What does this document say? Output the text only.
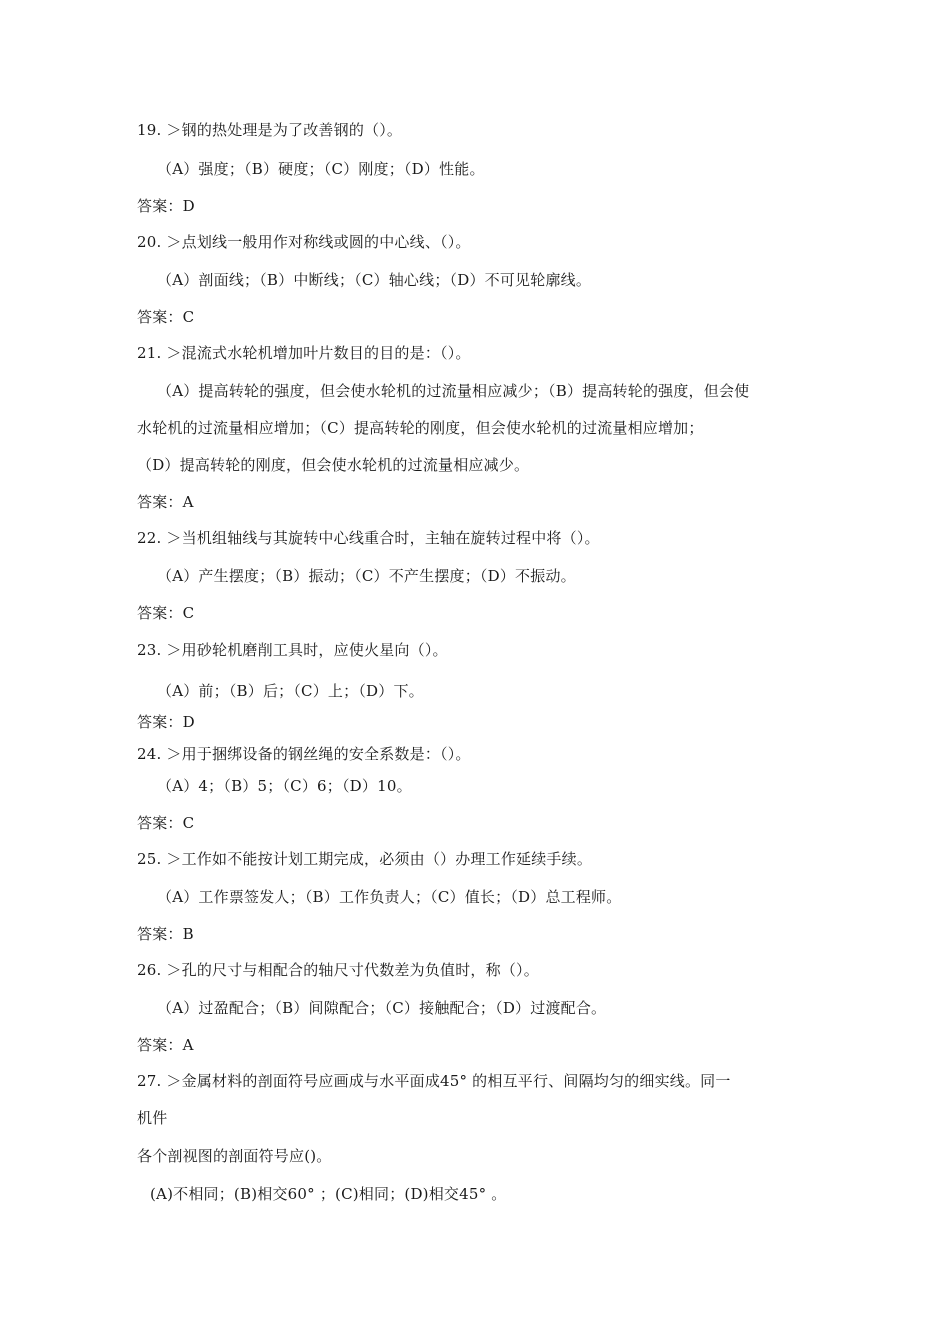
19. ＞钢的热处理是为了改善钢的（）。
（A）强度；（B）硬度；（C）刚度；（D）性能。
答案：D
20. ＞点划线一般用作对称线或圆的中心线、（）。
（A）剖面线；（B）中断线；（C）轴心线；（D）不可见轮廓线。
答案：C
21. ＞混流式水轮机增加叶片数目的目的是：（）。
（A）提高转轮的强度，但会使水轮机的过流量相应减少；（B）提高转轮的强度，但会使
水轮机的过流量相应增加；（C）提高转轮的刚度，但会使水轮机的过流量相应增加；
（D）提高转轮的刚度，但会使水轮机的过流量相应减少。
答案：A
22. ＞当机组轴线与其旋转中心线重合时，主轴在旋转过程中将（）。
（A）产生摆度；（B）振动；（C）不产生摆度；（D）不振动。
答案：C
23. ＞用砂轮机磨削工具时，应使火星向（）。
（A）前；（B）后；（C）上；（D）下。
答案：D
24. ＞用于捆绑设备的钢丝绳的安全系数是：（）。
（A）4；（B）5；（C）6；（D）10。
答案：C
25. ＞工作如不能按计划工期完成，必须由（）办理工作延续手续。
（A）工作票签发人；（B）工作负责人；（C）值长；（D）总工程师。
答案：B
26. ＞孔的尺寸与相配合的轴尺寸代数差为负值时，称（）。
（A）过盈配合；（B）间隙配合；（C）接触配合；（D）过渡配合。
答案：A
27. ＞金属材料的剖面符号应画成与水平面成45° 的相互平行、间隔均匀的细实线。同一
机件
各个剖视图的剖面符号应()。
(A)不相同；(B)相交60° ；(C)相同；(D)相交45° 。
